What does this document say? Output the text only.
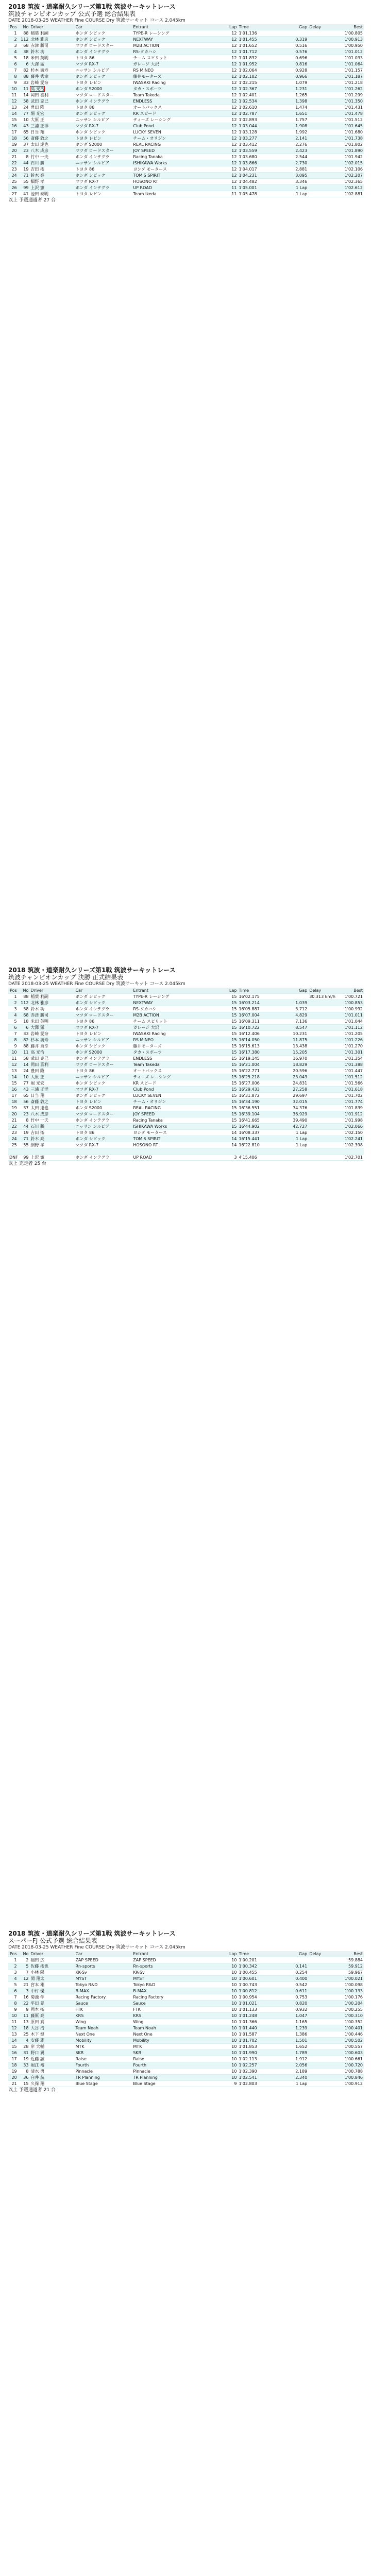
2018 筑波・道楽耐久シリーズ第1戦 筑波サーキットレース
筑波チャンピオンカップ 公式予選 総合結果表
DATE 2018-03-25 WEATHER Fine COURSE Dry 筑波サーキット コース 2.045km
Pos	No	Driver	Car	Entrant	Lap	Time	Gap	Delay	Best
1	88	稲葉 利嗣	ホンダ シビック	TYPE-R レーシング	12	1'01.136			1'00.805
2	112	北林 雅彦	ホンダ シビック	NEXTWAY	12	1'01.455	0.319		1'00.913
3	68	赤津 勝司	マツダ ロードスター	M2B ACTION	12	1'01.652	0.516		1'00.950
4	38	鈴木 功	ホンダ インテグラ	RS-タカハシ	12	1'01.712	0.576		1'01.012
5	18	米田 英明	トヨタ 86	チーム スピリット	12	1'01.832	0.696		1'01.033
6	6	大澤 猛	マツダ RX-7	ガレージ 大沢	12	1'01.952	0.816		1'01.064
7	82	杉本 満寿	ニッサン シルビア	RS MINEO	12	1'02.064	0.928		1'01.157
8	88	藤井 秀幸	ホンダ シビック	藤井モーターズ	12	1'02.102	0.966		1'01.187
9	33	岩崎 愛奈	トヨタ レビン	IWASAKI Racing	12	1'02.215	1.079		1'01.218
10	11	高 光治	ホンダ S2000	タカ・スポーツ	12	1'02.367	1.231		1'01.262
11	14	岡田 喜利	マツダ ロードスター	Team Takeda	12	1'02.401	1.265		1'01.299
12	58	武田 克己	ホンダ インテグラ	ENDLESS	12	1'02.534	1.398		1'01.350
13	24	豊田 隆	トヨタ 86	オートバックス	12	1'02.610	1.474		1'01.431
14	77	堀 光宏	ホンダ シビック	KR スピード	12	1'02.787	1.651		1'01.478
15	10	大原 正	ニッサン シルビア	ティーズ レーシング	12	1'02.893	1.757		1'01.512
16	43	三浦 正洋	マツダ RX-7	Club Pond	12	1'03.044	1.908		1'01.645
17	65	日当 翔	ホンダ シビック	LUCKY SEVEN	12	1'03.128	1.992		1'01.680
18	56	斎藤 敦之	トヨタ レビン	チーム・オリジン	12	1'03.277	2.141		1'01.738
19	37	太田 達也	ホンダ S2000	REAL RACING	12	1'03.412	2.276		1'01.802
20	23	八木 成彦	マツダ ロードスター	JOY SPEED	12	1'03.559	2.423		1'01.890
21	8	竹中 一夫	ホンダ インテグラ	Racing Tanaka	12	1'03.680	2.544		1'01.942
22	44	石川 勝	ニッサン シルビア	ISHIKAWA Works	12	1'03.866	2.730		1'02.015
23	19	吉田 拓	トヨタ 86	ヨシダ モータース	12	1'04.017	2.881		1'02.106
24	71	鈴木 亮	ホンダ シビック	TOM'S SPIRIT	12	1'04.231	3.095		1'02.207
25	55	細野 孝	マツダ RX-7	HOSONO RT	12	1'04.482	3.346		1'02.365
26	99	上沢 憲	ホンダ インテグラ	UP ROAD	11	1'05.001	1 Lap		1'02.612
27	41	池田 泰明	トヨタ レビン	Team Ikeda	11	1'05.478	1 Lap		1'02.881
以上 予選通過者 27 台
2018 筑波・道楽耐久シリーズ第1戦 筑波サーキットレース
筑波チャンピオンカップ 決勝 正式結果表
DATE 2018-03-25 WEATHER Fine COURSE Dry 筑波サーキット コース 2.045km
Pos	No	Driver	Car	Entrant	Lap	Time	Gap	Delay	Best
1	88	稲葉 利嗣	ホンダ シビック	TYPE-R レーシング	15	16'02.175		30.313 km/h	1'00.721
2	112	北林 雅彦	ホンダ シビック	NEXTWAY	15	16'03.214	1.039		1'00.853
3	38	鈴木 功	ホンダ インテグラ	RS-タカハシ	15	16'05.887	3.712		1'00.992
4	68	赤津 勝司	マツダ ロードスター	M2B ACTION	15	16'07.004	4.829		1'01.011
5	18	米田 英明	トヨタ 86	チーム スピリット	15	16'09.311	7.136		1'01.044
6	6	大澤 猛	マツダ RX-7	ガレージ 大沢	15	16'10.722	8.547		1'01.112
7	33	岩崎 愛奈	トヨタ レビン	IWASAKI Racing	15	16'12.406	10.231		1'01.205
8	82	杉本 満寿	ニッサン シルビア	RS MINEO	15	16'14.050	11.875		1'01.226
9	88	藤井 秀幸	ホンダ シビック	藤井モーターズ	15	16'15.613	13.438		1'01.270
10	11	高 光治	ホンダ S2000	タカ・スポーツ	15	16'17.380	15.205		1'01.301
11	58	武田 克己	ホンダ インテグラ	ENDLESS	15	16'19.145	16.970		1'01.354
12	14	岡田 喜利	マツダ ロードスター	Team Takeda	15	16'21.004	18.829		1'01.388
13	24	豊田 隆	トヨタ 86	オートバックス	15	16'22.771	20.596		1'01.447
14	10	大原 正	ニッサン シルビア	ティーズ レーシング	15	16'25.218	23.043		1'01.512
15	77	堀 光宏	ホンダ シビック	KR スピード	15	16'27.006	24.831		1'01.566
16	43	三浦 正洋	マツダ RX-7	Club Pond	15	16'29.433	27.258		1'01.618
17	65	日当 翔	ホンダ シビック	LUCKY SEVEN	15	16'31.872	29.697		1'01.702
18	56	斎藤 敦之	トヨタ レビン	チーム・オリジン	15	16'34.190	32.015		1'01.774
19	37	太田 達也	ホンダ S2000	REAL RACING	15	16'36.551	34.376		1'01.839
20	23	八木 成彦	マツダ ロードスター	JOY SPEED	15	16'39.104	36.929		1'01.912
21	8	竹中 一夫	ホンダ インテグラ	Racing Tanaka	15	16'41.665	39.490		1'01.998
22	44	石川 勝	ニッサン シルビア	ISHIKAWA Works	15	16'44.902	42.727		1'02.066
23	19	吉田 拓	トヨタ 86	ヨシダ モータース	14	16'08.337	1 Lap		1'02.150
24	71	鈴木 亮	ホンダ シビック	TOM'S SPIRIT	14	16'15.441	1 Lap		1'02.241
25	55	細野 孝	マツダ RX-7	HOSONO RT	14	16'22.810	1 Lap		1'02.398

DNF	99	上沢 憲	ホンダ インテグラ	UP ROAD	3	4'15.406			1'02.701
以上 完走者 25 台
2018 筑波・道楽耐久シリーズ第1戦 筑波サーキットレース
スーパーFJ 公式予選 総合結果表
DATE 2018-03-25 WEATHER Fine COURSE Dry 筑波サーキット コース 2.045km
Pos	No	Driver	Car	Entrant	Lap	Time	Gap	Delay	Best
1	2	稲田 広	ZAP SPEED	ZAP SPEED	10	1'00.201			59.884
2	5	佐藤 拓也	Rn-sports	Rn-sports	10	1'00.342	0.141		59.912
3	7	小林 陽	KK-Sv	KK-Sv	10	1'00.455	0.254		59.967
4	12	関 翔太	MYST	MYST	10	1'00.601	0.400		1'00.021
5	21	宮本 雄	Tokyo R&D	Tokyo R&D	10	1'00.743	0.542		1'00.098
6	3	中村 優	B-MAX	B-MAX	10	1'00.812	0.611		1'00.133
7	16	菊池 学	Racing Factory	Racing Factory	10	1'00.954	0.753		1'00.176
8	22	平田 晃	Sauce	Sauce	10	1'01.021	0.820		1'00.204
9	9	岡本 拓	FTK	FTK	10	1'01.133	0.932		1'00.255
10	11	藤原 亮	KRS	KRS	10	1'01.248	1.047		1'00.310
11	13	原田 真	Wing	Wing	10	1'01.366	1.165		1'00.352
12	18	大谷 浩	Team Noah	Team Noah	10	1'01.440	1.239		1'00.401
13	25	木下 健	Next One	Next One	10	1'01.587	1.386		1'00.446
14	4	安藤 雄	Mobility	Mobility	10	1'01.702	1.501		1'00.502
15	28	岸 大輔	MTK	MTK	10	1'01.853	1.652		1'00.557
16	31	野口 翼	SKR	SKR	10	1'01.990	1.789		1'00.603
17	19	近藤 誠	Raise	Raise	10	1'02.113	1.912		1'00.661
18	33	堀江 裕	Fourth	Fourth	10	1'02.257	2.056		1'00.720
19	8	清水 勇	Pinnacle	Pinnacle	10	1'02.390	2.189		1'00.788
20	36	白井 航	TR Planning	TR Planning	10	1'02.541	2.340		1'00.846
21	15	久保 翔	Blue Stage	Blue Stage	9	1'02.803	1 Lap		1'00.912
以上 予選通過者 21 台
